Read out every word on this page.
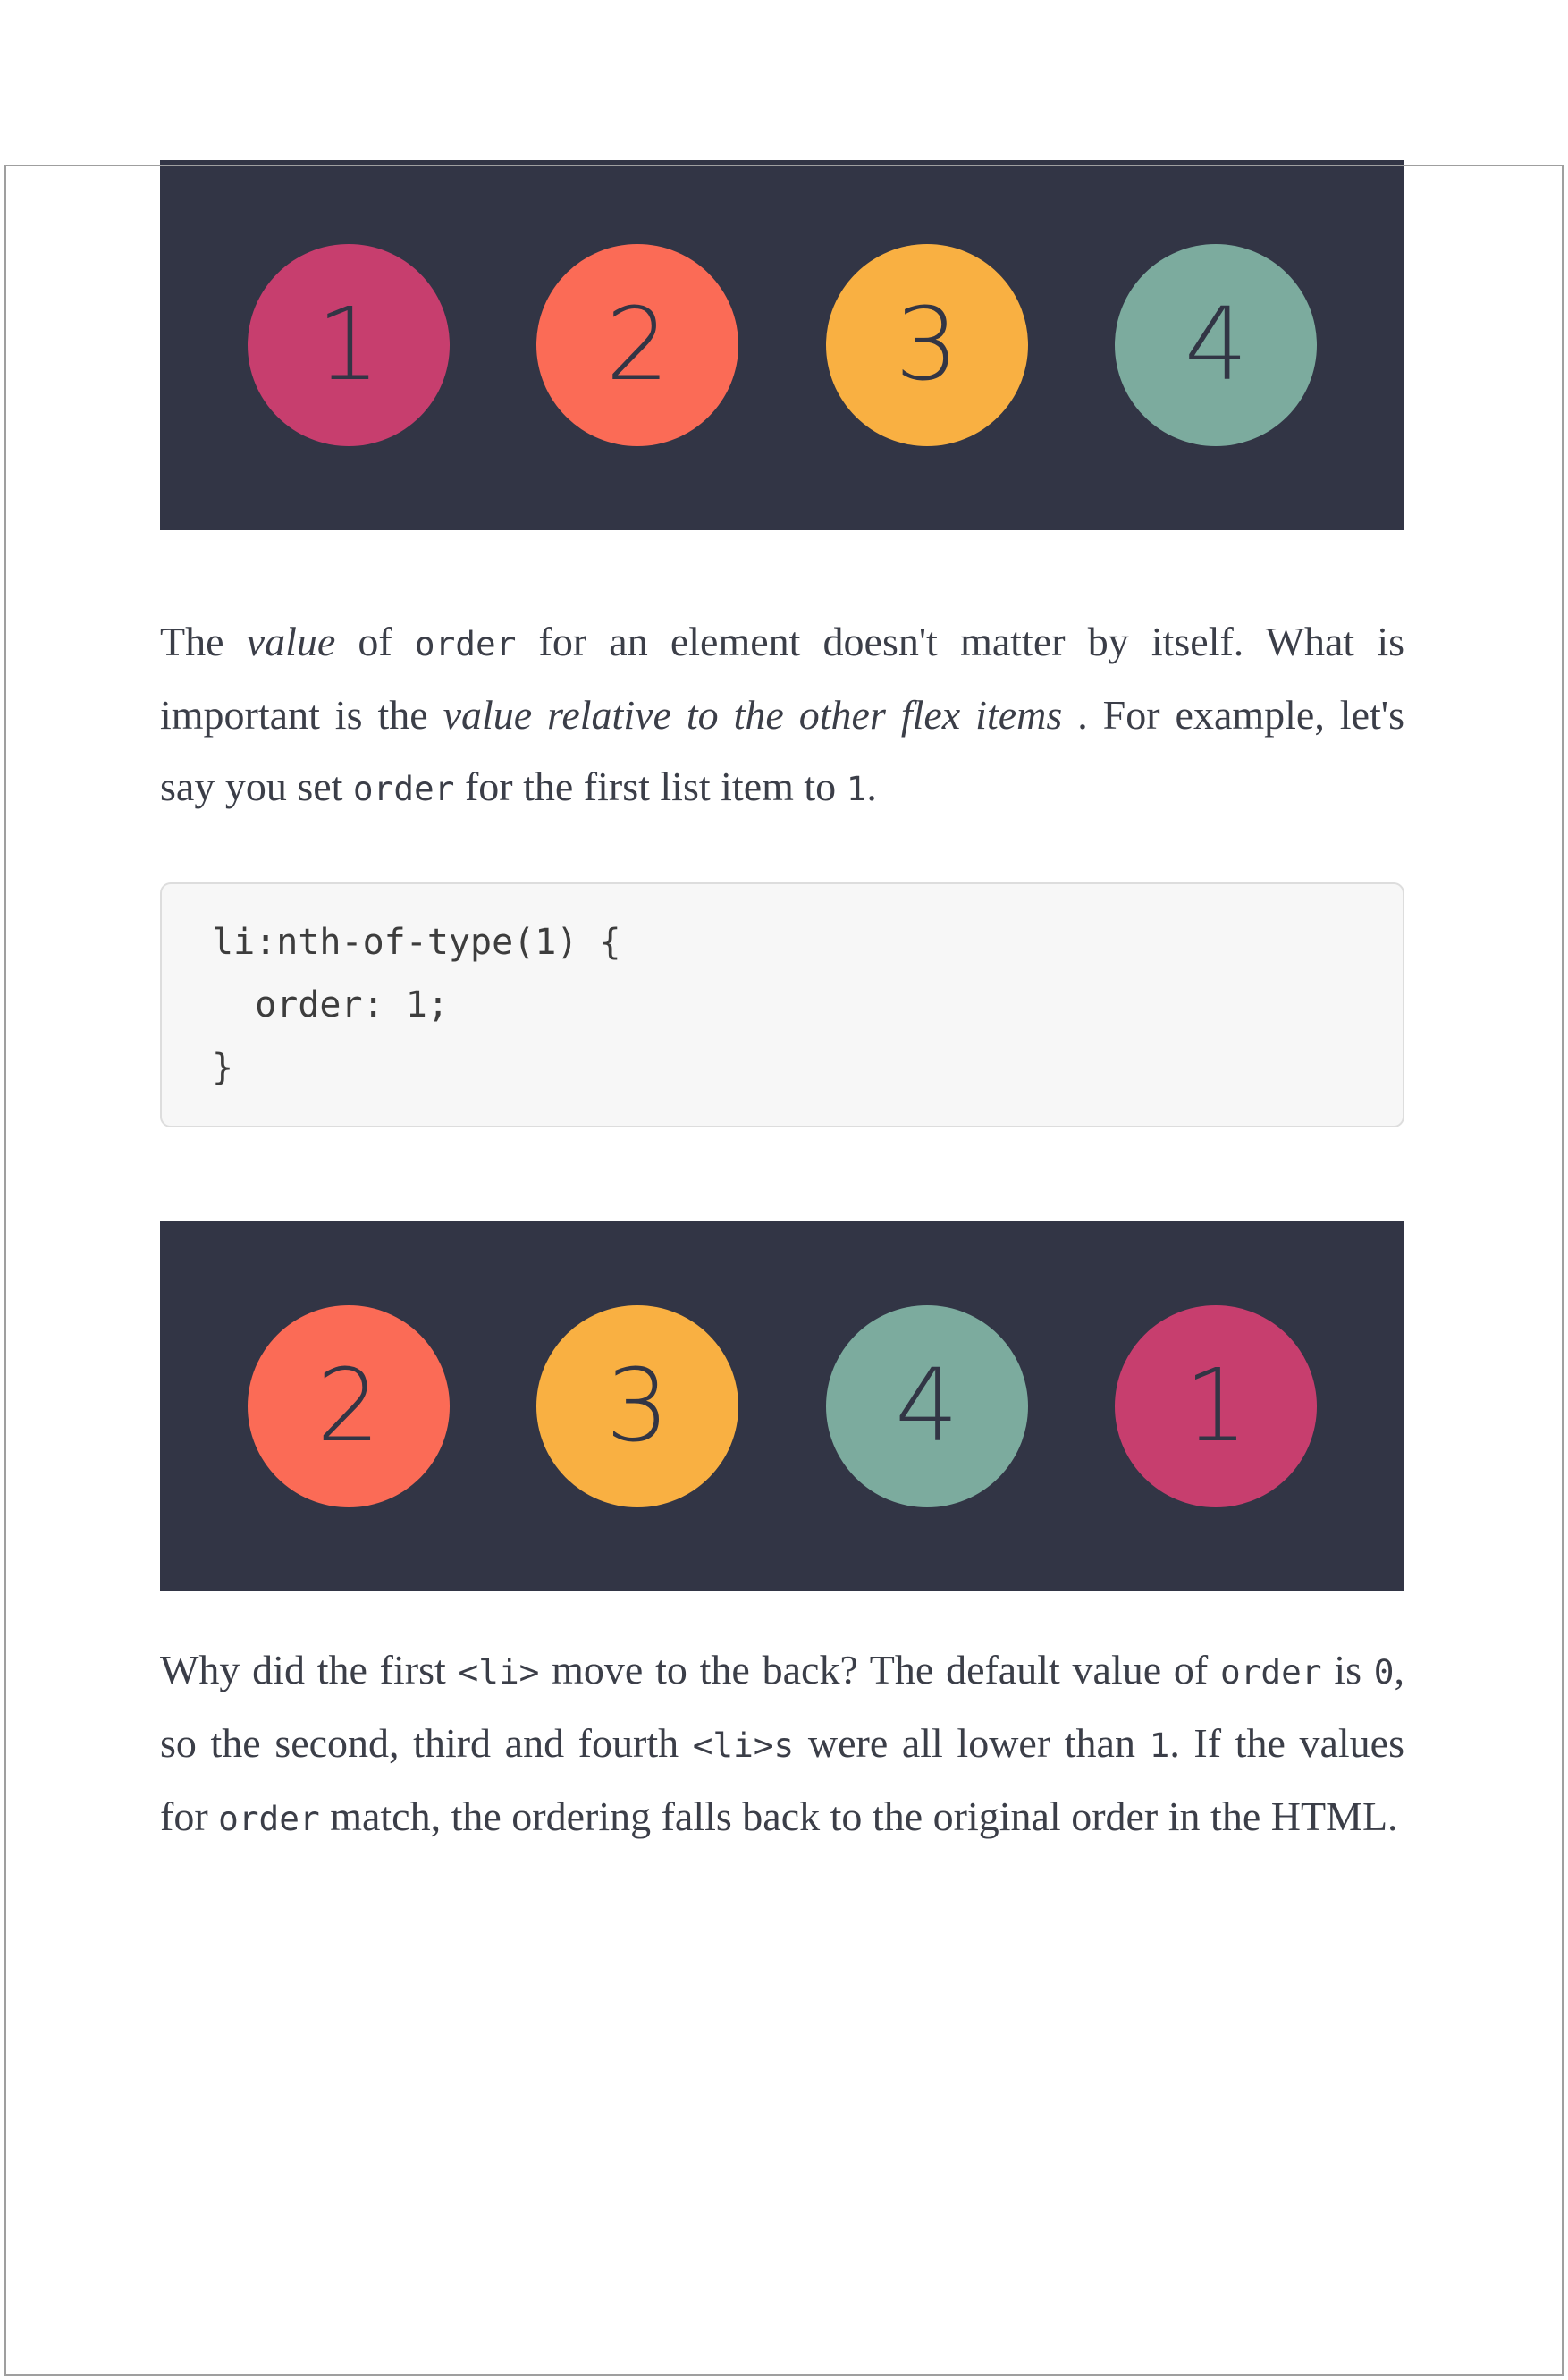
1	2	3	4

The value of order for an element doesn't matter by itself. What is important is the value relative to the other flex items . For example, let's say you set order for the first list item to 1.

li:nth-of-type(1) {
order: 1;
}
2	3	4	1

Why did the first <li> move to the back? The default value of order is 0, so the second, third and fourth <li>s were all lower than 1. If the values for order match, the ordering falls back to the original order in the HTML.
